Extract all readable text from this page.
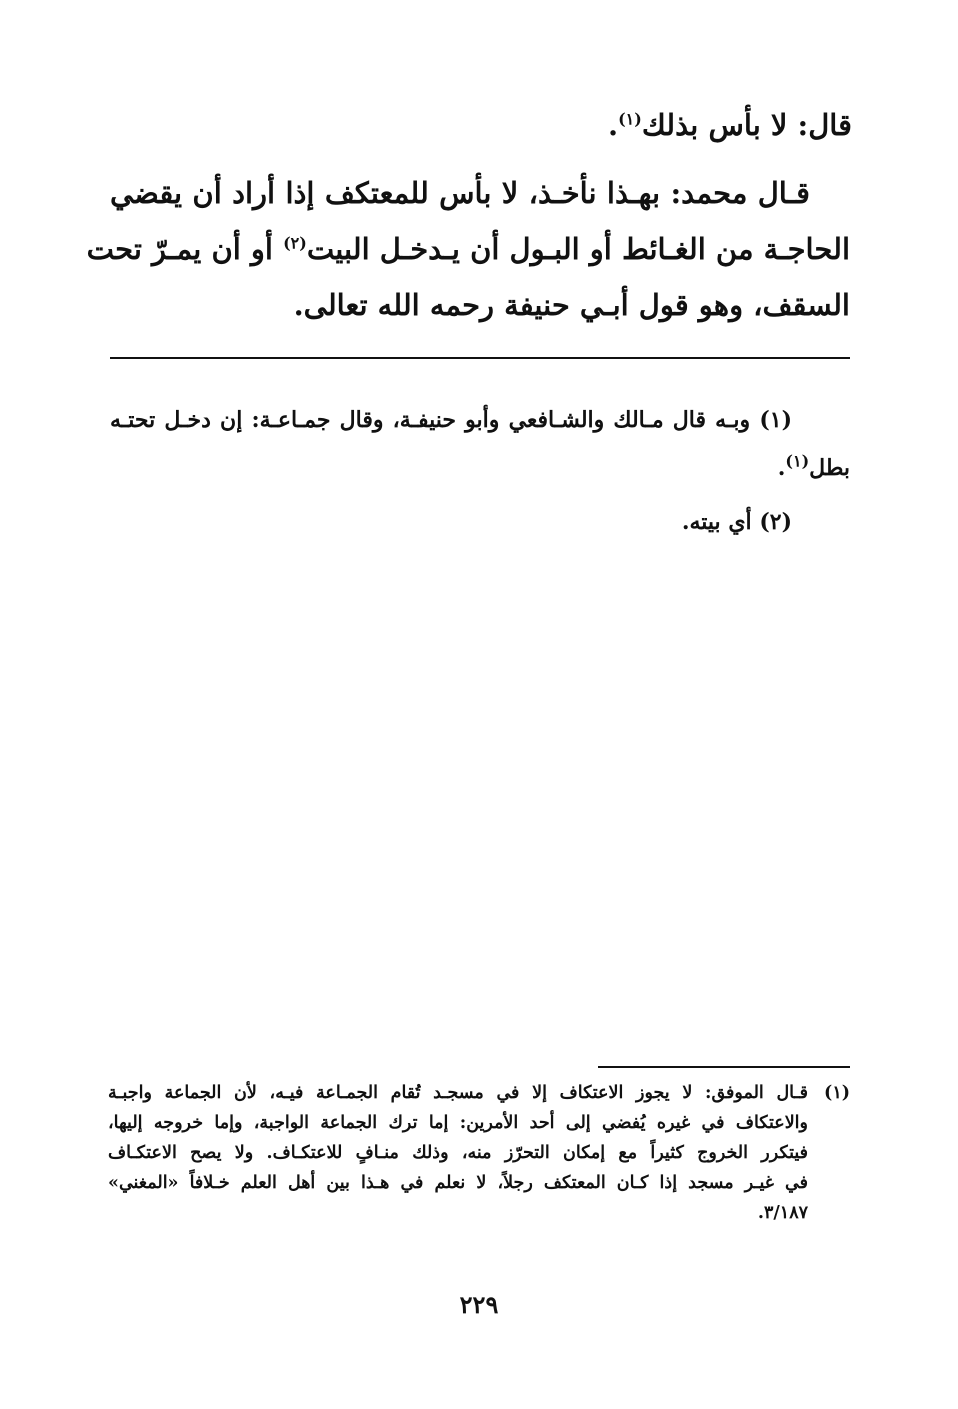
قال: لا بأس بذلك$^{(١)}$.
قـال محمد: بهـذا نأخـذ، لا بأس للمعتكف إذا أراد أن يقضي
الحاجـة من الغـائط أو البـول أن يـدخـل البيت$^{(٢)}$ أو أن يمـرّ تحت
السقف، وهو قول أبـي حنيفة رحمه الله تعالى.
(١) وبـه قال مـالك والشـافعي وأبو حنيفـة، وقال جمـاعـة: إن دخـل تحتـه
بطل$^{(١)}$.
(٢) أي بيته.
(١)
قـال الموفق: لا يجوز الاعتكاف إلا في مسجـد تُقام الجمـاعة فيـه، لأن الجماعة واجبـة
والاعتكاف في غيره يُفضي إلى أحد الأمرين: إما ترك الجماعة الواجبة، وإما خروجه إليها،
فيتكرر الخروج كثيراً مع إمكان التحرّز منه، وذلك منـافٍ للاعتكـاف. ولا يصح الاعتكـاف
في غيـر مسجد إذا كـان المعتكف رجلاً، لا نعلم في هـذا بين أهل العلم خـلافاً «المغني»
٣/١٨٧.
٢٢٩
